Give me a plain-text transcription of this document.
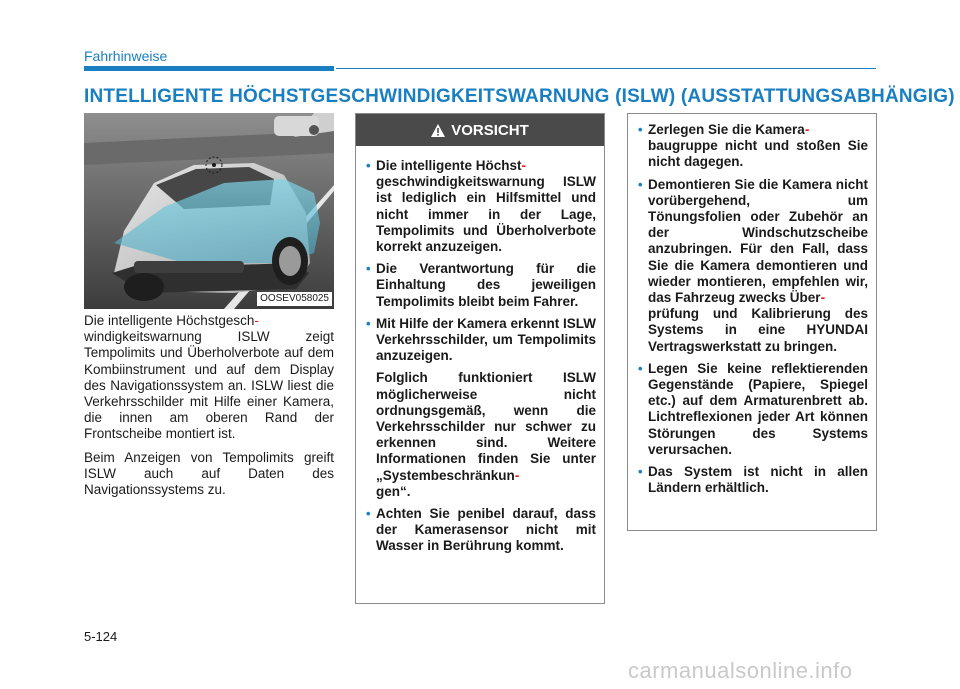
Fahrhinweise
INTELLIGENTE HÖCHSTGESCHWINDIGKEITSWARNUNG (ISLW) (AUSSTATTUNGSABHÄNGIG)
OOSEV058025

Die intelligente Höchstgesch-
windigkeitswarnung ISLW zeigt Tempolimits und Überholverbote auf dem Kombiinstrument und auf dem Display des Navigationssystem an. ISLW liest die Verkehrsschilder mit Hilfe einer Kamera, die innen am oberen Rand der Frontscheibe montiert ist.

Beim Anzeigen von Tempolimits greift ISLW auch auf Daten des Navigationssystems zu.

VORSICHT
• Die intelligente Höchst-
geschwindigkeitswarnung ISLW ist lediglich ein Hilfsmittel und nicht immer in der Lage, Tempolimits und Überholverbote korrekt anzuzeigen.
• Die Verantwortung für die Einhaltung des jeweiligen Tempolimits bleibt beim Fahrer.
• Mit Hilfe der Kamera erkennt ISLW Verkehrsschilder, um Tempolimits anzuzeigen.
Folglich funktioniert ISLW möglicherweise nicht ordnungsgemäß, wenn die Verkehrsschilder nur schwer zu erkennen sind. Weitere Informationen finden Sie unter „Systembeschränkun-
gen“.
• Achten Sie penibel darauf, dass der Kamerasensor nicht mit Wasser in Berührung kommt.
• Zerlegen Sie die Kamera-
baugruppe nicht und stoßen Sie nicht dagegen.
• Demontieren Sie die Kamera nicht vorübergehend, um Tönungsfolien oder Zubehör an der Windschutzscheibe anzubringen. Für den Fall, dass Sie die Kamera demontieren und wieder montieren, empfehlen wir, das Fahrzeug zwecks Über-
prüfung und Kalibrierung des Systems in eine HYUNDAI Vertragswerkstatt zu bringen.
• Legen Sie keine reflektierenden Gegenstände (Papiere, Spiegel etc.) auf dem Armaturenbrett ab. Lichtreflexionen jeder Art können Störungen des Systems verursachen.
• Das System ist nicht in allen Ländern erhältlich.
5-124
carmanualsonline.info
